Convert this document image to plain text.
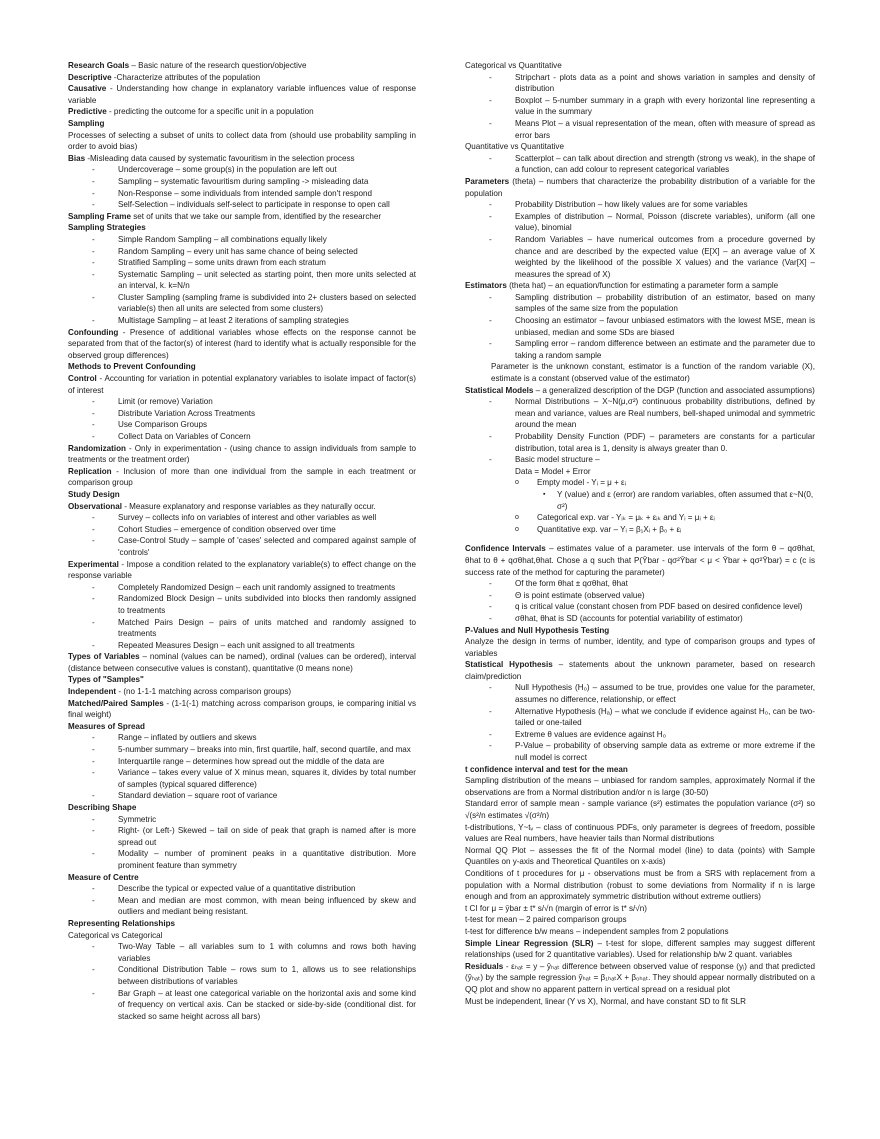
Research Goals – Basic nature of the research question/objective
Descriptive -Characterize attributes of the population
Causative - Understanding how change in explanatory variable influences value of response variable
Predictive - predicting the outcome for a specific unit in a population
Sampling
Processes of selecting a subset of units to collect data from (should use probability sampling in order to avoid bias)
Bias -Misleading data caused by systematic favouritism in the selection process
- Undercoverage – some group(s) in the population are left out
- Sampling – systematic favouritism during sampling -> misleading data
- Non-Response – some individuals from intended sample don't respond
- Self-Selection – individuals self-select to participate in response to open call
Sampling Frame set of units that we take our sample from, identified by the researcher
Sampling Strategies
- Simple Random Sampling – all combinations equally likely
- Random Sampling – every unit has same chance of being selected
- Stratified Sampling – some units drawn from each stratum
- Systematic Sampling – unit selected as starting point, then more units selected at an interval, k. k=N/n
- Cluster Sampling (sampling frame is subdivided into 2+ clusters based on selected variable(s) then all units are selected from some clusters)
- Multistage Sampling – at least 2 iterations of sampling strategies
Confounding - Presence of additional variables whose effects on the response cannot be separated from that of the factor(s) of interest (hard to identify what is actually responsible for the observed group differences)
Methods to Prevent Confounding
Control - Accounting for variation in potential explanatory variables to isolate impact of factor(s) of interest
- Limit (or remove) Variation
- Distribute Variation Across Treatments
- Use Comparison Groups
- Collect Data on Variables of Concern
Randomization - Only in experimentation - (using chance to assign individuals from sample to treatments or the treatment order)
Replication - Inclusion of more than one individual from the sample in each treatment or comparison group
Study Design
Observational - Measure explanatory and response variables as they naturally occur.
- Survey – collects info on variables of interest and other variables as well
- Cohort Studies – emergence of condition observed over time
- Case-Control Study – sample of 'cases' selected and compared against sample of 'controls'
Experimental - Impose a condition related to the explanatory variable(s) to effect change on the response variable
- Completely Randomized Design – each unit randomly assigned to treatments
- Randomized Block Design – units subdivided into blocks then randomly assigned to treatments
- Matched Pairs Design – pairs of units matched and randomly assigned to treatments
- Repeated Measures Design – each unit assigned to all treatments
Types of Variables – nominal (values can be named), ordinal (values can be ordered), interval (distance between consecutive values is constant), quantitative (0 means none)
Types of "Samples"
Independent - (no 1-1-1 matching across comparison groups)
Matched/Paired Samples - (1-1(-1) matching across comparison groups, ie comparing initial vs final weight)
Measures of Spread
- Range – inflated by outliers and skews
- 5-number summary – breaks into min, first quartile, half, second quartile, and max
- Interquartile range – determines how spread out the middle of the data are
- Variance – takes every value of X minus mean, squares it, divides by total number of samples (typical squared difference)
- Standard deviation – square root of variance
Describing Shape
- Symmetric
- Right- (or Left-) Skewed – tail on side of peak that graph is named after is more spread out
- Modality – number of prominent peaks in a quantitative distribution. More prominent feature than symmetry
Measure of Centre
- Describe the typical or expected value of a quantitative distribution
- Mean and median are most common, with mean being influenced by skew and outliers and mediant being resistant.
Representing Relationships
Categorical vs Categorical
- Two-Way Table – all variables sum to 1 with columns and rows both having variables
- Conditional Distribution Table – rows sum to 1, allows us to see relationships between distributions of variables
- Bar Graph – at least one categorical variable on the horizontal axis and some kind of frequency on vertical axis. Can be stacked or side-by-side (conditional dist. for stacked so same height across all bars)
Categorical vs Quantitative
- Stripchart - plots data as a point and shows variation in samples and density of distribution
- Boxplot – 5-number summary in a graph with every horizontal line representing a value in the summary
- Means Plot – a visual representation of the mean, often with measure of spread as error bars
Quantitative vs Quantitative
- Scatterplot – can talk about direction and strength (strong vs weak), in the shape of a function, can add colour to represent categorical variables
Parameters (theta) – numbers that characterize the probability distribution of a variable for the population
- Probability Distribution – how likely values are for some variables
- Examples of distribution – Normal, Poisson (discrete variables), uniform (all one value), binomial
- Random Variables – have numerical outcomes from a procedure governed by chance and are described by the expected value (E[X] – an average value of X weighted by the likelihood of the possible X values) and the variance (Var[X] – measures the spread of X)
Estimators (theta hat) – an equation/function for estimating a parameter form a sample
- Sampling distribution – probability distribution of an estimator, based on many samples of the same size from the population
- Choosing an estimator – favour unbiased estimators with the lowest MSE, mean is unbiased, median and some SDs are biased
- Sampling error – random difference between an estimate and the parameter due to taking a random sample
Parameter is the unknown constant, estimator is a function of the random variable (X), estimate is a constant (observed value of the estimator)
Statistical Models – a generalized description of the DGP (function and associated assumptions)
- Normal Distributions – X~N(μ,σ²) continuous probability distributions, defined by mean and variance, values are Real numbers, bell-shaped unimodal and symmetric around the mean
- Probability Density Function (PDF) – parameters are constants for a particular distribution, total area is 1, density is always greater than 0.
- Basic model structure –
Data = Model + Error
o Empty model - Yᵢ = μ + εᵢ
▪ Y (value) and ε (error) are random variables, often assumed that ε~N(0, σ²)
o Categorical exp. var - Yᵢₖ = μₖ + εᵢₖ and Yᵢ = μᵢ + εᵢ
o Quantitative exp. var – Yᵢ = β₁Xᵢ + β₀ + εᵢ
Confidence Intervals – estimates value of a parameter. use intervals of the form θ – qσθhat, θhat to θ + qσθhat,θhat. Chose a q such that P(Ȳbar - qσ²Ȳbar < μ < Ȳbar + qσ²Ȳbar) = c (c is success rate of the method for capturing the parameter)
- Of the form θhat ± qσθhat, θhat
- Θ is point estimate (observed value)
- q is critical value (constant chosen from PDF based on desired confidence level)
- σθhat, θhat is SD (accounts for potential variability of estimator)
P-Values and Null Hypothesis Testing
Analyze the design in terms of number, identity, and type of comparison groups and types of variables
Statistical Hypothesis – statements about the unknown parameter, based on research claim/prediction
- Null Hypothesis (H₀) – assumed to be true, provides one value for the parameter, assumes no difference, relationship, or effect
- Alternative Hypothesis (Hₐ) – what we conclude if evidence against H₀, can be two-tailed or one-tailed
- Extreme θ values are evidence against H₀
- P-Value – probability of observing sample data as extreme or more extreme if the null model is correct
t confidence interval and test for the mean
Sampling distribution of the means – unbiased for random samples, approximately Normal if the observations are from a Normal distribution and/or n is large (30-50)
Standard error of sample mean - sample variance (s²) estimates the population variance (σ²) so √(s²/n estimates √(σ²/n)
t-distributions, Y~tᵥ – class of continuous PDFs, only parameter is degrees of freedom, possible values are Real numbers, have heavier tails than Normal distributions
Normal QQ Plot – assesses the fit of the Normal model (line) to data (points) with Sample Quantiles on y-axis and Theoretical Quantiles on x-axis)
Conditions of t procedures for μ - observations must be from a SRS with replacement from a population with a Normal distribution (robust to some deviations from Normality if n is large enough and from an approximately symmetric distribution without extreme outliers)
t CI for μ = ȳbar ± t* s/√n (margin of error is t* s/√n)
t-test for mean – 2 paired comparison groups
t-test for difference b/w means – independent samples from 2 populations
Simple Linear Regression (SLR) – t-test for slope, different samples may suggest different relationships (used for 2 quantitative variables). Used for relationship b/w 2 quant. variables
Residuals - εₕₐₜ = y – ŷₕₐₜ difference between observed value of response (yᵢ) and that predicted (ŷₕₐₜ) by the sample regression ŷₕₐₜ = β₁ₕₐₜX + β₀ₕₐₜ. They should appear normally distributed on a QQ plot and show no apparent pattern in vertical spread on a residual plot
Must be independent, linear (Y vs X), Normal, and have constant SD to fit SLR
